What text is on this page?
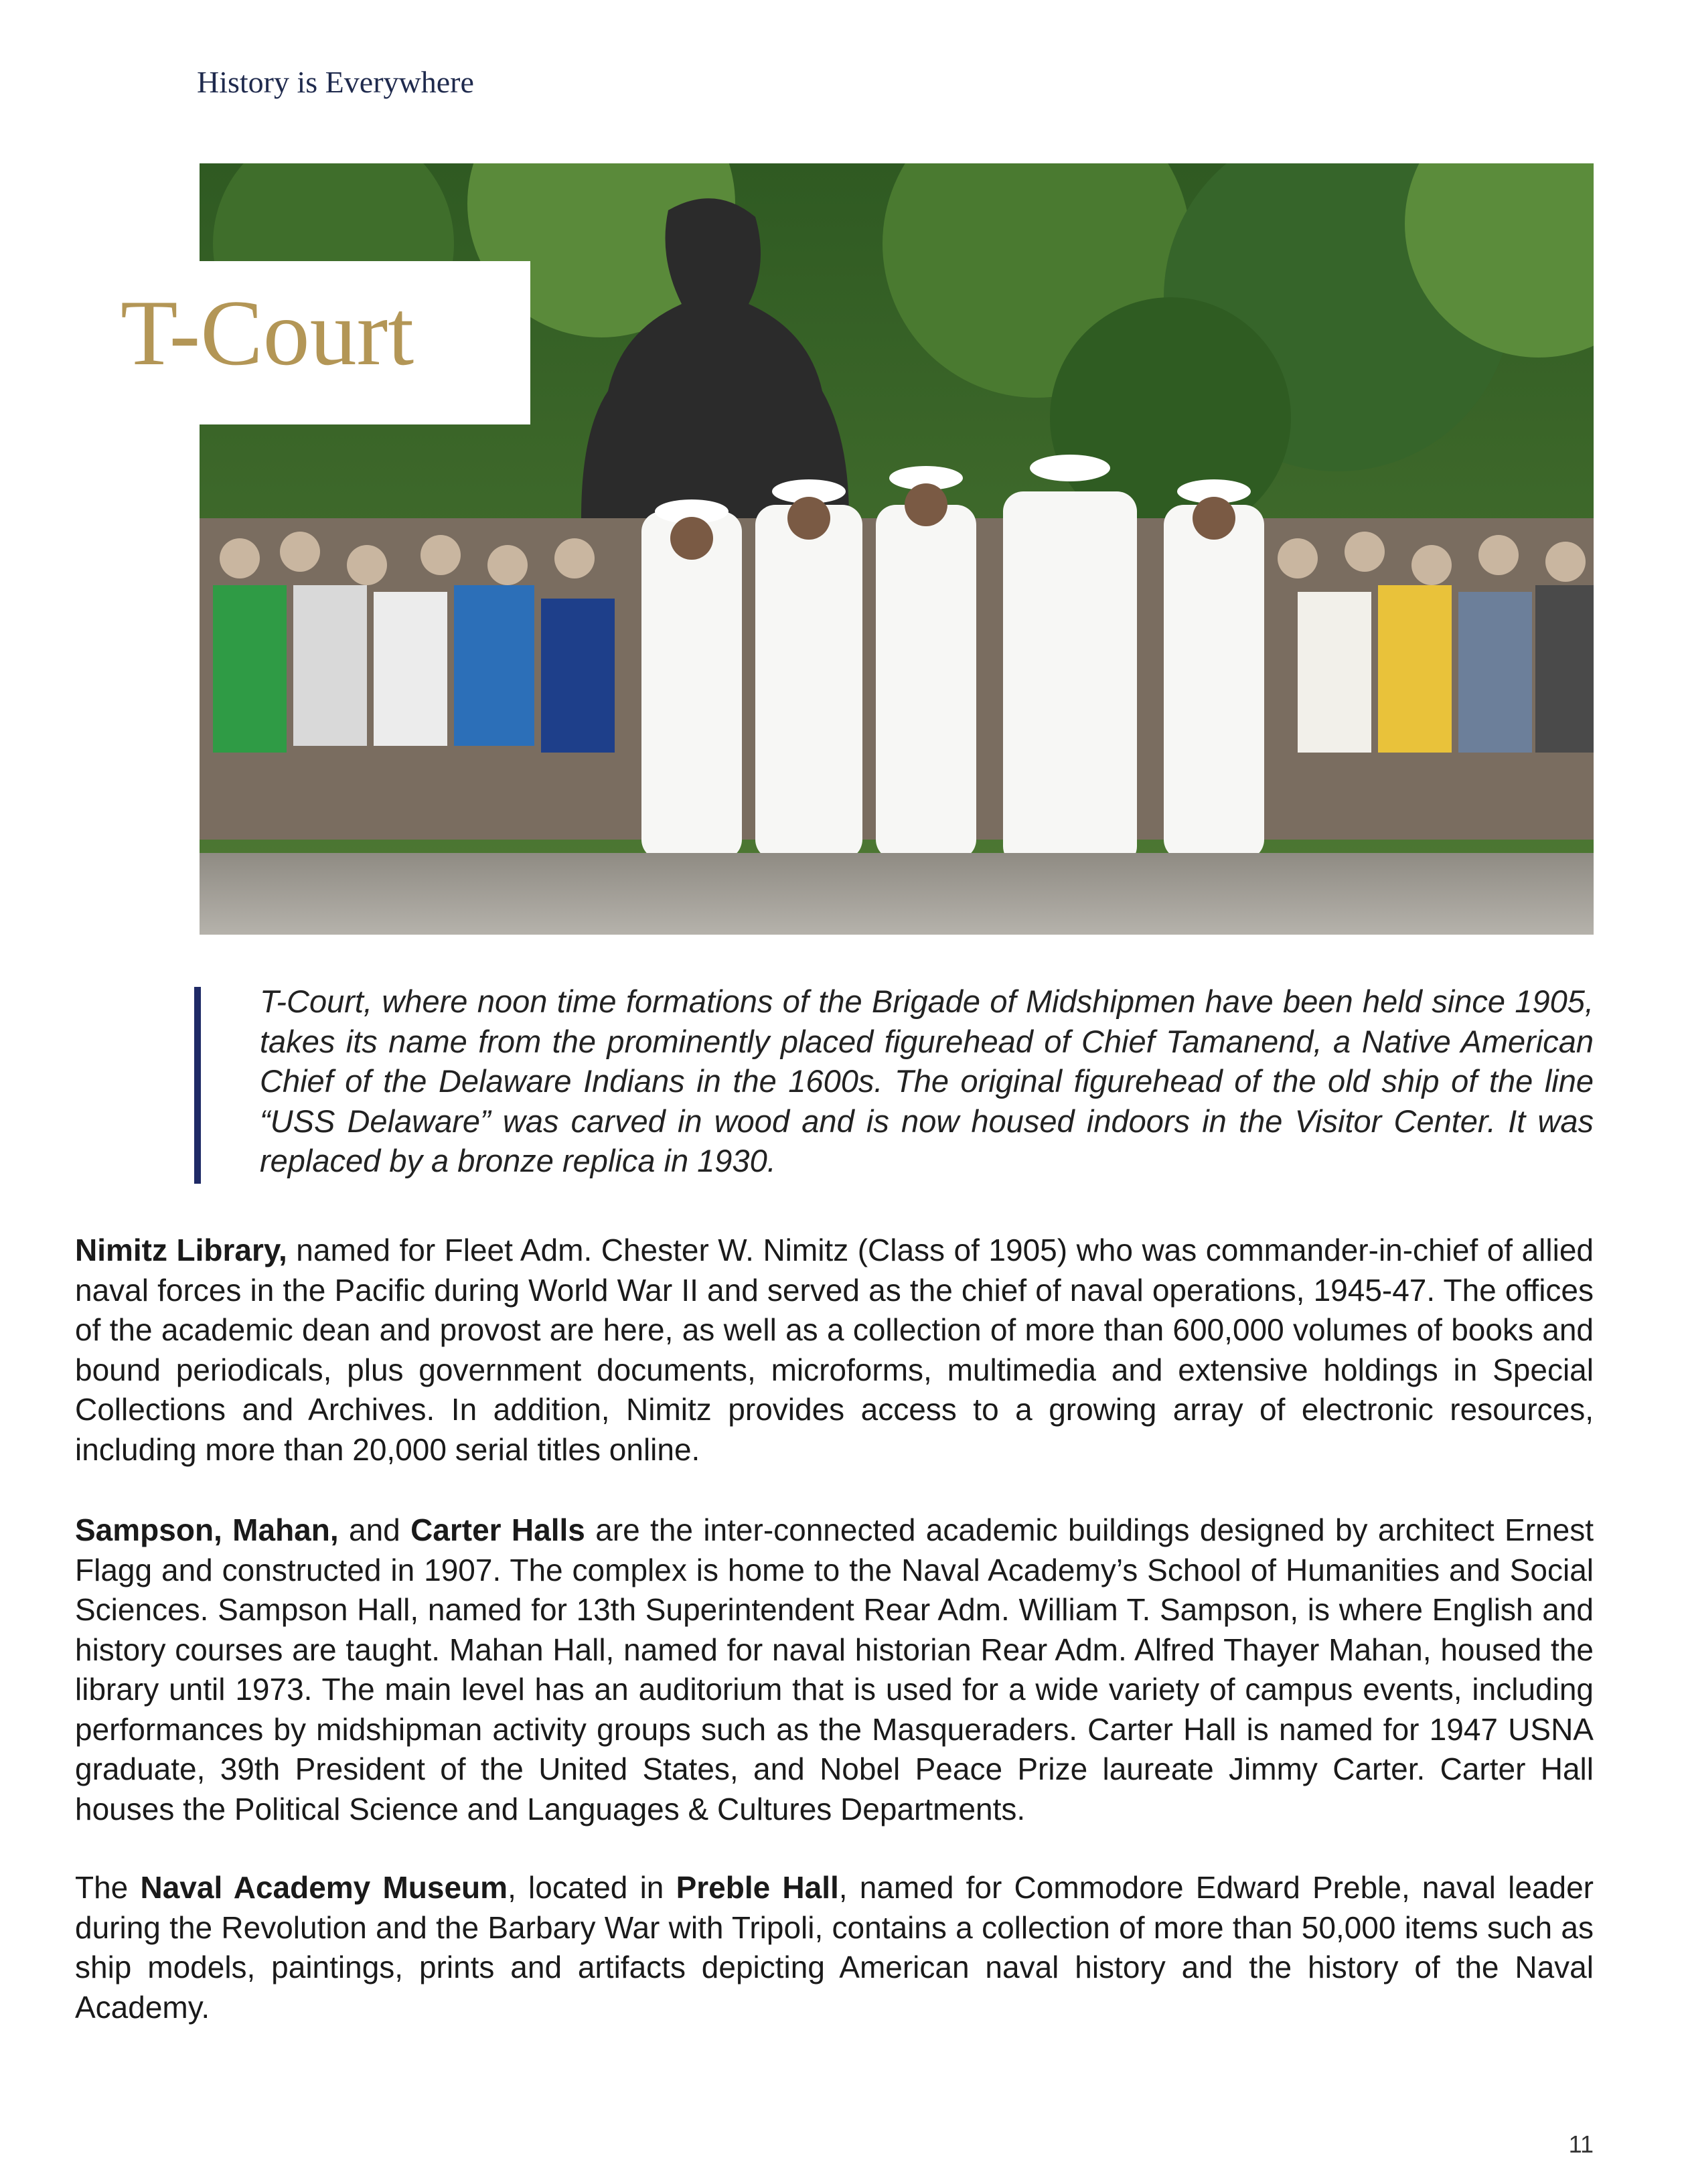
History is Everywhere
T-Court
T-Court, where noon time formations of the Brigade of Midshipmen have been held since 1905, takes its name from the prominently placed figurehead of Chief Tamanend, a Native American Chief of the Delaware Indians in the 1600s. The original figurehead of the old ship of the line “USS Delaware” was carved in wood and is now housed indoors in the Visitor Center. It was replaced by a bronze replica in 1930.
Nimitz Library, named for Fleet Adm. Chester W. Nimitz (Class of 1905) who was commander-in-chief of allied naval forces in the Pacific during World War II and served as the chief of naval operations, 1945-47. The offices of the academic dean and provost are here, as well as a collection of more than 600,000 volumes of books and bound periodicals, plus government documents, microforms, multimedia and extensive holdings in Special Collections and Archives. In addition, Nimitz provides access to a growing array of electronic resources, including more than 20,000 serial titles online.
Sampson, Mahan, and Carter Halls are the inter-connected academic buildings designed by architect Ernest Flagg and constructed in 1907. The complex is home to the Naval Academy’s School of Humanities and Social Sciences. Sampson Hall, named for 13th Superintendent Rear Adm. William T. Sampson, is where English and history courses are taught. Mahan Hall, named for naval historian Rear Adm. Alfred Thayer Mahan, housed the library until 1973. The main level has an auditorium that is used for a wide variety of campus events, including performances by midshipman activity groups such as the Masqueraders. Carter Hall is named for 1947 USNA graduate, 39th President of the United States, and Nobel Peace Prize laureate Jimmy Carter. Carter Hall houses the Political Science and Languages & Cultures Departments.
The Naval Academy Museum, located in Preble Hall, named for Commodore Edward Preble, naval leader during the Revolution and the Barbary War with Tripoli, contains a collection of more than 50,000 items such as ship models, paintings, prints and artifacts depicting American naval history and the history of the Naval Academy.
11
